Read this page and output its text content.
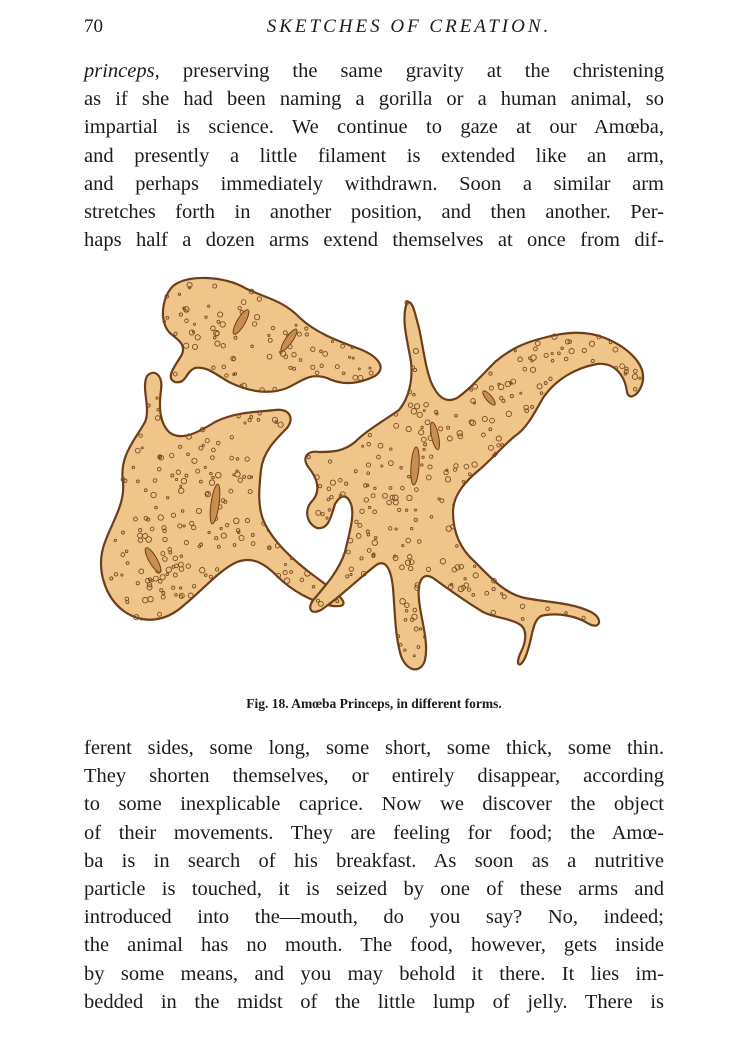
70	SKETCHES OF CREATION.
princeps, preserving the same gravity at the christening
as if she had been naming a gorilla or a human animal, so
impartial is science. We continue to gaze at our Amœba,
and presently a little filament is extended like an arm,
and perhaps immediately withdrawn. Soon a similar arm
stretches forth in another position, and then another. Per-
haps half a dozen arms extend themselves at once from dif-
Fig. 18. Amœba Princeps, in different forms.
ferent sides, some long, some short, some thick, some thin.
They shorten themselves, or entirely disappear, according
to some inexplicable caprice. Now we discover the object
of their movements. They are feeling for food; the Amœ-
ba is in search of his breakfast. As soon as a nutritive
particle is touched, it is seized by one of these arms and
introduced into the—mouth, do you say? No, indeed;
the animal has no mouth. The food, however, gets inside
by some means, and you may behold it there. It lies im-
bedded in the midst of the little lump of jelly. There is
